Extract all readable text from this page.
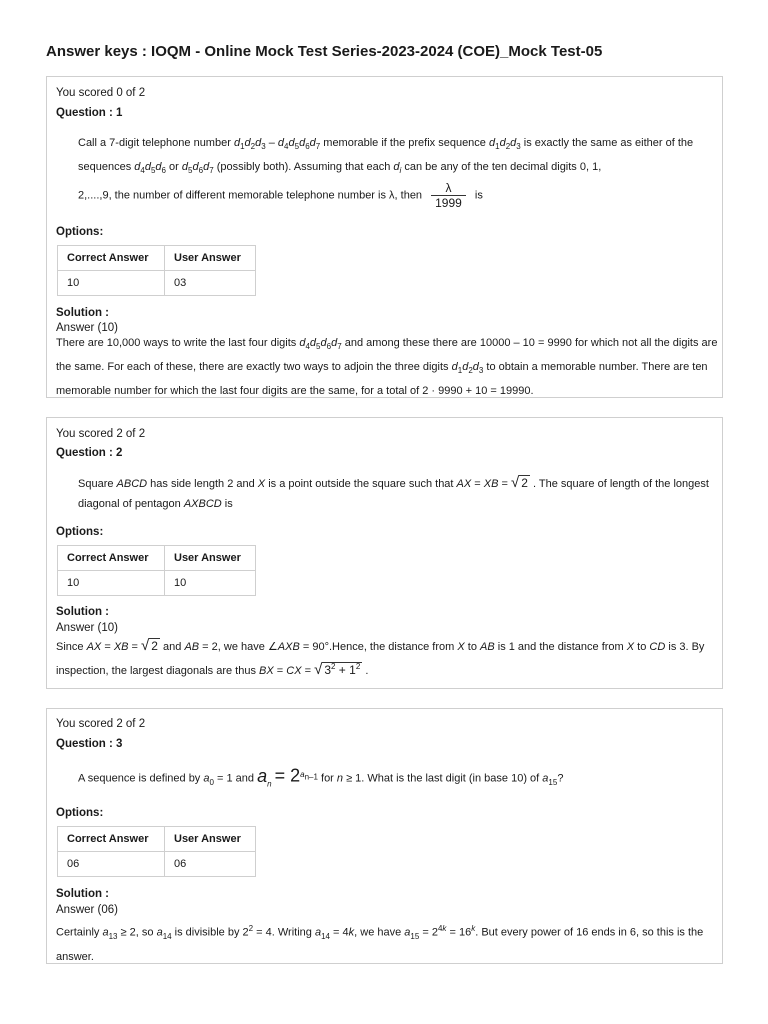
Answer keys : IOQM - Online Mock Test Series-2023-2024 (COE)_Mock Test-05
You scored 0 of 2
Question : 1
Call a 7-digit telephone number $d_1d_2d_3 - d_4d_5d_6d_7$ memorable if the prefix sequence $d_1d_2d_3$ is exactly the same as either of the sequences $d_4d_5d_6$ or $d_5d_6d_7$ (possibly both). Assuming that each $d_i$ can be any of the ten decimal digits 0, 1,
2,....,9, the number of different memorable telephone number is λ, then $\frac{\lambda}{1999}$ is
Options:
Correct Answer	User Answer
10	03
Solution :
Answer (10)
There are 10,000 ways to write the last four digits $d_4d_5d_6d_7$ and among these there are 10000 – 10 = 9990 for which not all the digits are the same. For each of these, there are exactly two ways to adjoin the three digits $d_1d_2d_3$ to obtain a memorable number. There are ten memorable number for which the last four digits are the same, for a total of 2 · 9990 + 10 = 19990.
You scored 2 of 2
Question : 2
Square ABCD has side length 2 and X is a point outside the square such that AX = XB = √ 2 . The square of length of the longest diagonal of pentagon AXBCD is
Options:
Correct Answer	User Answer
10	10
Solution :
Answer (10)
Since AX = XB = √ 2 and AB = 2, we have ∠AXB = 90°.Hence, the distance from X to AB is 1 and the distance from X to CD is 3. By inspection, the largest diagonals are thus BX = CX = √ $3^2 + 1^2$ .
You scored 2 of 2
Question : 3
A sequence is defined by $a_0 = 1$ and $a_n = 2^{a_{n-1}}$ for n ≥ 1. What is the last digit (in base 10) of $a_{15}$?
Options:
Correct Answer	User Answer
06	06
Solution :
Answer (06)
Certainly $a_{13} \ge 2$, so $a_{14}$ is divisible by $2^2 = 4$. Writing $a_{14} = 4k$, we have $a_{15} = 2^{4k} = 16^k$. But every power of 16 ends in 6, so this is the answer.
